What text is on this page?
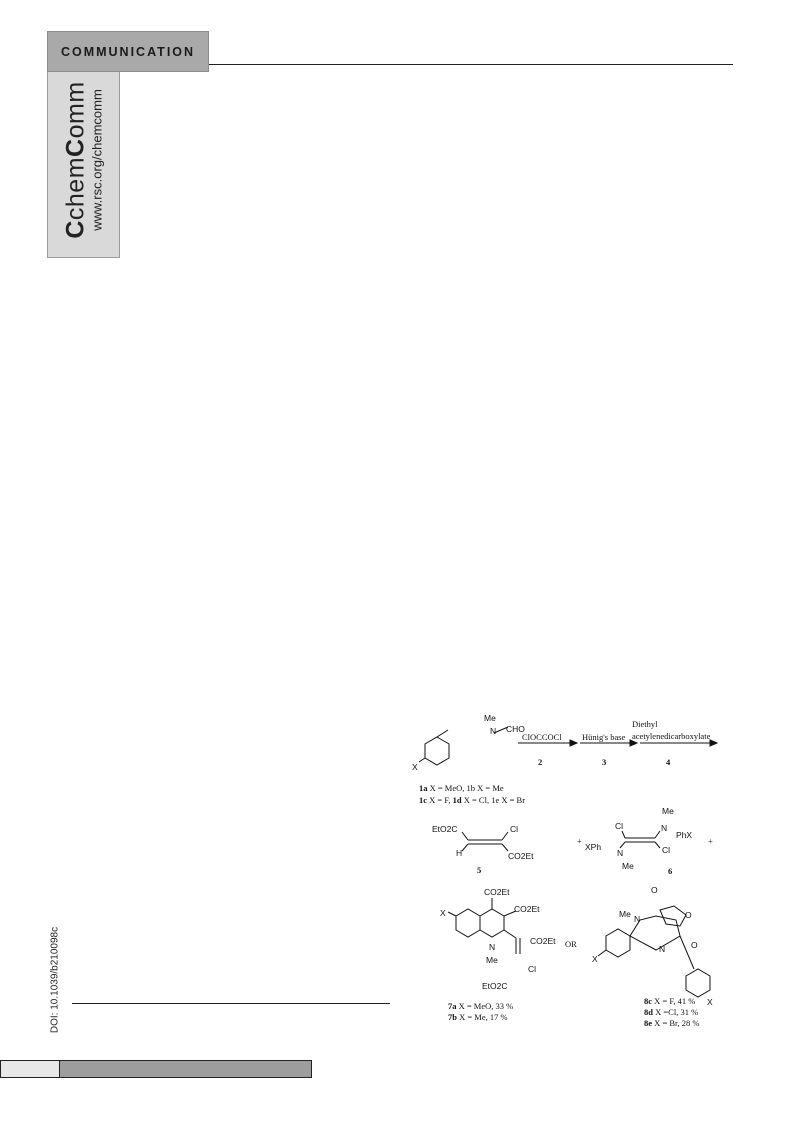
COMMUNICATION
CchemComm www.rsc.org/chemcomm
DOI: 10.1039/b210098c
Me
N CHO
X
ClOCCOCl
2
Hünig's base
3
Diethyl
acetylenedicarboxylate
4
1a X = MeO, 1b X = Me
1c X = F, 1d X = Cl, 1e X = Br
EtO2C	Cl
H	CO2Et
5
+
Cl
Me
N
PhX
XPh
N
Me
Cl
6
+
CO2Et
CO2Et
CO2Et
X
N
Me
EtO2C
Cl
7a X = MeO, 33 %
7b X = Me, 17 %
OR
Me N
N
O
O
O
X
X
8c X = F, 41 %
8d X =Cl, 31 %
8e X = Br, 28 %
